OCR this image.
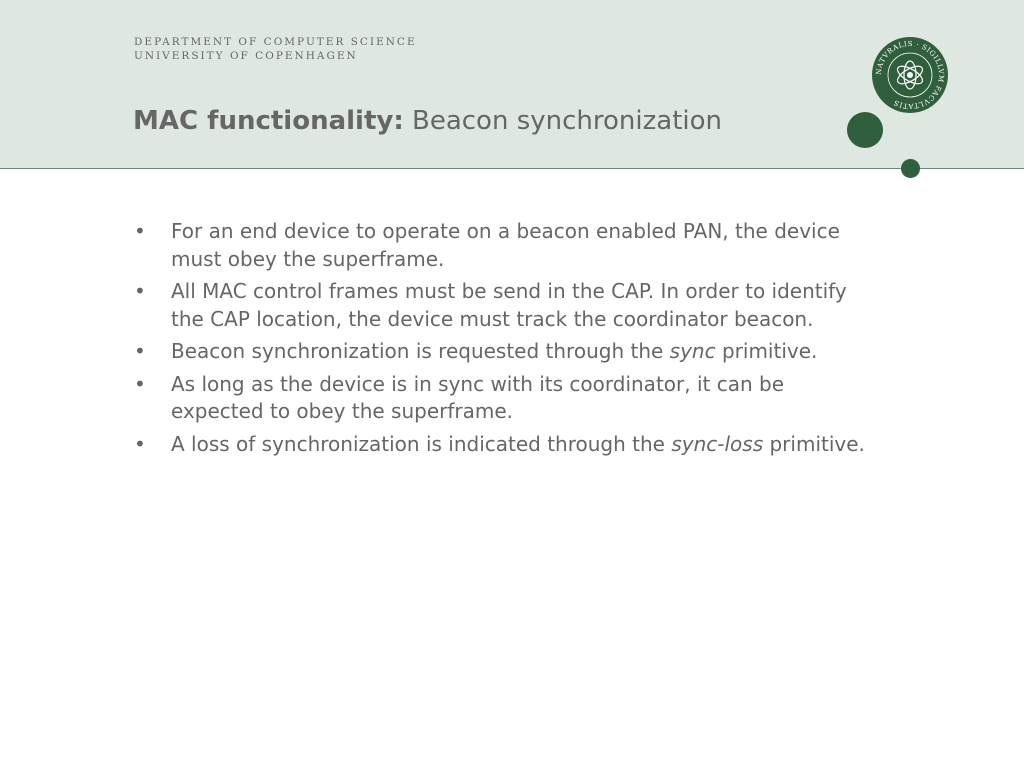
DEPARTMENT OF COMPUTER SCIENCE
UNIVERSITY OF COPENHAGEN
MAC functionality: Beacon synchronization
NATVRALIS · SIGILLVM FACVLTATIS
• For an end device to operate on a beacon enabled PAN, the device must obey the superframe.
• All MAC control frames must be send in the CAP. In order to identify the CAP location, the device must track the coordinator beacon.
• Beacon synchronization is requested through the sync primitive.
• As long as the device is in sync with its coordinator, it can be expected to obey the superframe.
• A loss of synchronization is indicated through the sync-loss primitive.
